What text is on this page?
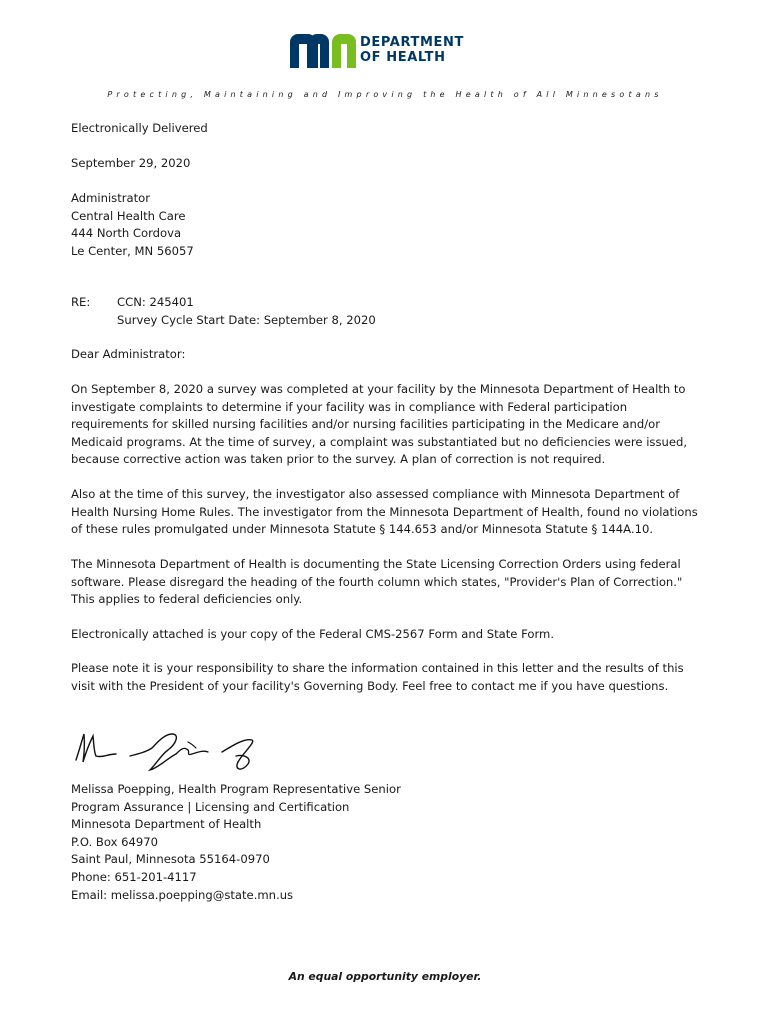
DEPARTMENT
OF HEALTH
Protecting, Maintaining and Improving the Health of All Minnesotans
Electronically Delivered
September 29, 2020
Administrator
Central Health Care
444 North Cordova
Le Center, MN 56057
RE: CCN: 245401
Survey Cycle Start Date: September 8, 2020
Dear Administrator:

On September 8, 2020 a survey was completed at your facility by the Minnesota Department of Health to investigate complaints to determine if your facility was in compliance with Federal participation requirements for skilled nursing facilities and/or nursing facilities participating in the Medicare and/or Medicaid programs. At the time of survey, a complaint was substantiated but no deficiencies were issued, because corrective action was taken prior to the survey. A plan of correction is not required.

Also at the time of this survey, the investigator also assessed compliance with Minnesota Department of Health Nursing Home Rules. The investigator from the Minnesota Department of Health, found no violations of these rules promulgated under Minnesota Statute § 144.653 and/or Minnesota Statute § 144A.10.

The Minnesota Department of Health is documenting the State Licensing Correction Orders using federal software. Please disregard the heading of the fourth column which states, "Provider's Plan of Correction." This applies to federal deficiencies only.

Electronically attached is your copy of the Federal CMS-2567 Form and State Form.

Please note it is your responsibility to share the information contained in this letter and the results of this visit with the President of your facility's Governing Body. Feel free to contact me if you have questions.

Melissa Poepping, Health Program Representative Senior
Program Assurance | Licensing and Certification
Minnesota Department of Health
P.O. Box 64970
Saint Paul, Minnesota 55164-0970
Phone: 651-201-4117
Email: melissa.poepping@state.mn.us
An equal opportunity employer.
